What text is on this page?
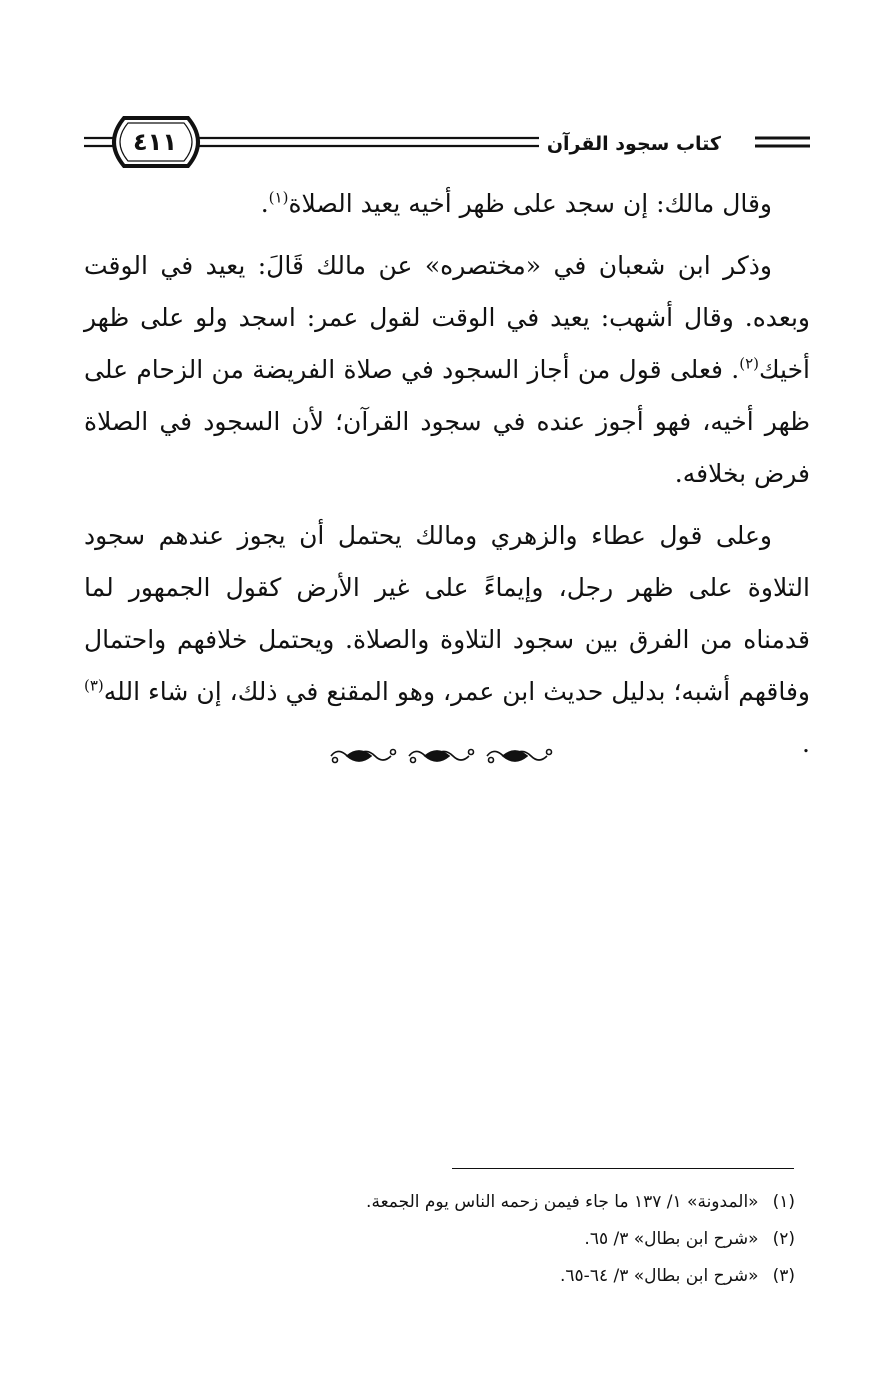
٤١١	كتاب سجود القرآن

وقال مالك: إن سجد على ظهر أخيه يعيد الصلاة$^{(١)}$.

وذكر ابن شعبان في «مختصره» عن مالك قَالَ: يعيد في الوقت وبعده. وقال أشهب: يعيد في الوقت لقول عمر: اسجد ولو على ظهر أخيك$^{(٢)}$. فعلى قول من أجاز السجود في صلاة الفريضة من الزحام على ظهر أخيه، فهو أجوز عنده في سجود القرآن؛ لأن السجود في الصلاة فرض بخلافه.

وعلى قول عطاء والزهري ومالك يحتمل أن يجوز عندهم سجود التلاوة على ظهر رجل، وإيماءً على غير الأرض كقول الجمهور لما قدمناه من الفرق بين سجود التلاوة والصلاة. ويحتمل خلافهم واحتمال وفاقهم أشبه؛ بدليل حديث ابن عمر، وهو المقنع في ذلك، إن شاء الله$^{(٣)}$ .

(١)«المدونة» ١/ ١٣٧ ما جاء فيمن زحمه الناس يوم الجمعة.
(٢)«شرح ابن بطال» ٣/ ٦٥.
(٣)«شرح ابن بطال» ٣/ ٦٤-٦٥.
